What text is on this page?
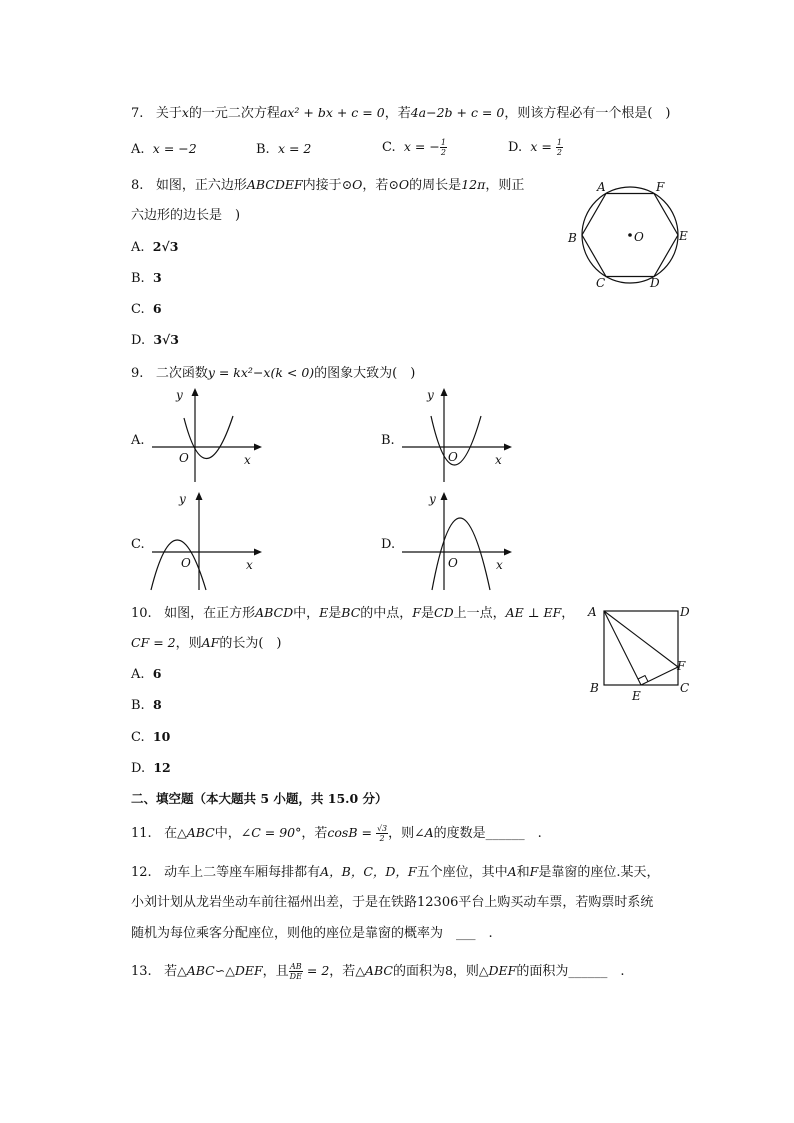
7. 关于x的一元二次方程ax² + bx + c = 0，若4a−2b + c = 0，则该方程必有一个根是(　)
A. x = −2	B. x = 2	C. x = − $\frac{1}{2}$	D. $x = \frac{1}{2}$
8. 如图，正六边形ABCDEF内接于⊙O，若⊙O的周长是12π，则正
六边形的边长是　)
A. 2√3
B. 3
C. 6
D. 3√3
A	F
B	E
C	D
O
9. 二次函数y = kx²−x(k < 0)的图象大致为(　)
A.
y
x
O
B.
y
x
O
C.
y
x
O
D.
y
x
O
10. 如图，在正方形ABCD中，E是BC的中点，F是CD上一点，AE ⊥ EF，
CF = 2，则AF的长为(　)
A. 6
B. 8
C. 10
D. 12
A	D
B	C
E
F
二、填空题（本大题共 5 小题，共 15.0 分）
11. 在△ABC中，∠C = 90°，若$\cos B = \frac{√3}{2}$ ，则∠A的度数是______　.
12. 动车上二等座车厢每排都有A，B，C，D，F五个座位，其中A和F是靠窗的座位.某天，
小刘计划从龙岩坐动车前往福州出差，于是在铁路12306平台上购买动车票，若购票时系统
随机为每位乘客分配座位，则他的座位是靠窗的概率为　___　.
13. 若△ABC∽△DEF，且 $\frac{AB}{DE} = 2$，若△ABC的面积为8，则△DEF的面积为______　.
